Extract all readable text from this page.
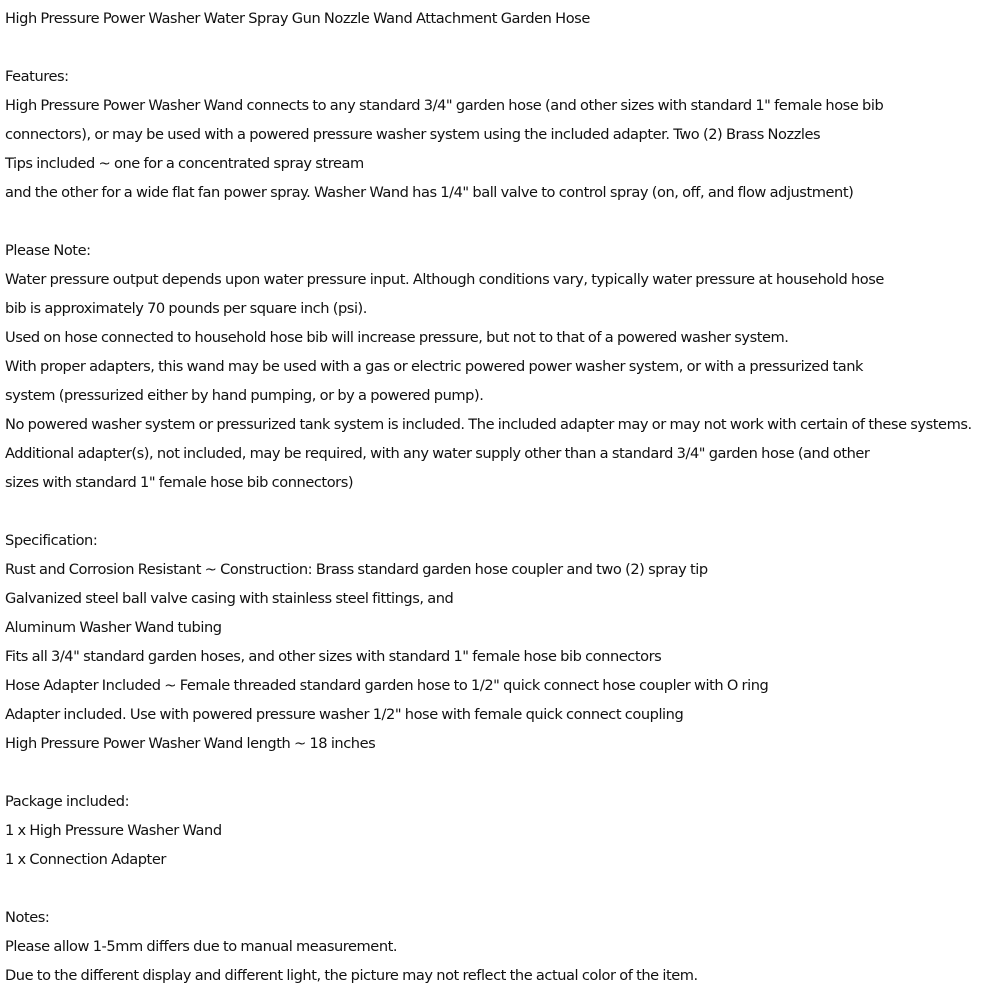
High Pressure Power Washer Water Spray Gun Nozzle Wand Attachment Garden Hose
Features:
High Pressure Power Washer Wand connects to any standard 3/4" garden hose (and other sizes with standard 1" female hose bib
connectors), or may be used with a powered pressure washer system using the included adapter. Two (2) Brass Nozzles
Tips included ~ one for a concentrated spray stream
and the other for a wide flat fan power spray. Washer Wand has 1/4" ball valve to control spray (on, off, and flow adjustment)
Please Note:
Water pressure output depends upon water pressure input. Although conditions vary, typically water pressure at household hose
bib is approximately 70 pounds per square inch (psi).
Used on hose connected to household hose bib will increase pressure, but not to that of a powered washer system.
With proper adapters, this wand may be used with a gas or electric powered power washer system, or with a pressurized tank
system (pressurized either by hand pumping, or by a powered pump).
No powered washer system or pressurized tank system is included. The included adapter may or may not work with certain of these systems.
Additional adapter(s), not included, may be required, with any water supply other than a standard 3/4" garden hose (and other
sizes with standard 1" female hose bib connectors)
Specification:
Rust and Corrosion Resistant ~ Construction: Brass standard garden hose coupler and two (2) spray tip
Galvanized steel ball valve casing with stainless steel fittings, and
Aluminum Washer Wand tubing
Fits all 3/4" standard garden hoses, and other sizes with standard 1" female hose bib connectors
Hose Adapter Included ~ Female threaded standard garden hose to 1/2" quick connect hose coupler with O ring
Adapter included. Use with powered pressure washer 1/2" hose with female quick connect coupling
High Pressure Power Washer Wand length ~ 18 inches
Package included:
1 x High Pressure Washer Wand
1 x Connection Adapter
Notes:
Please allow 1-5mm differs due to manual measurement.
Due to the different display and different light, the picture may not reflect the actual color of the item.
